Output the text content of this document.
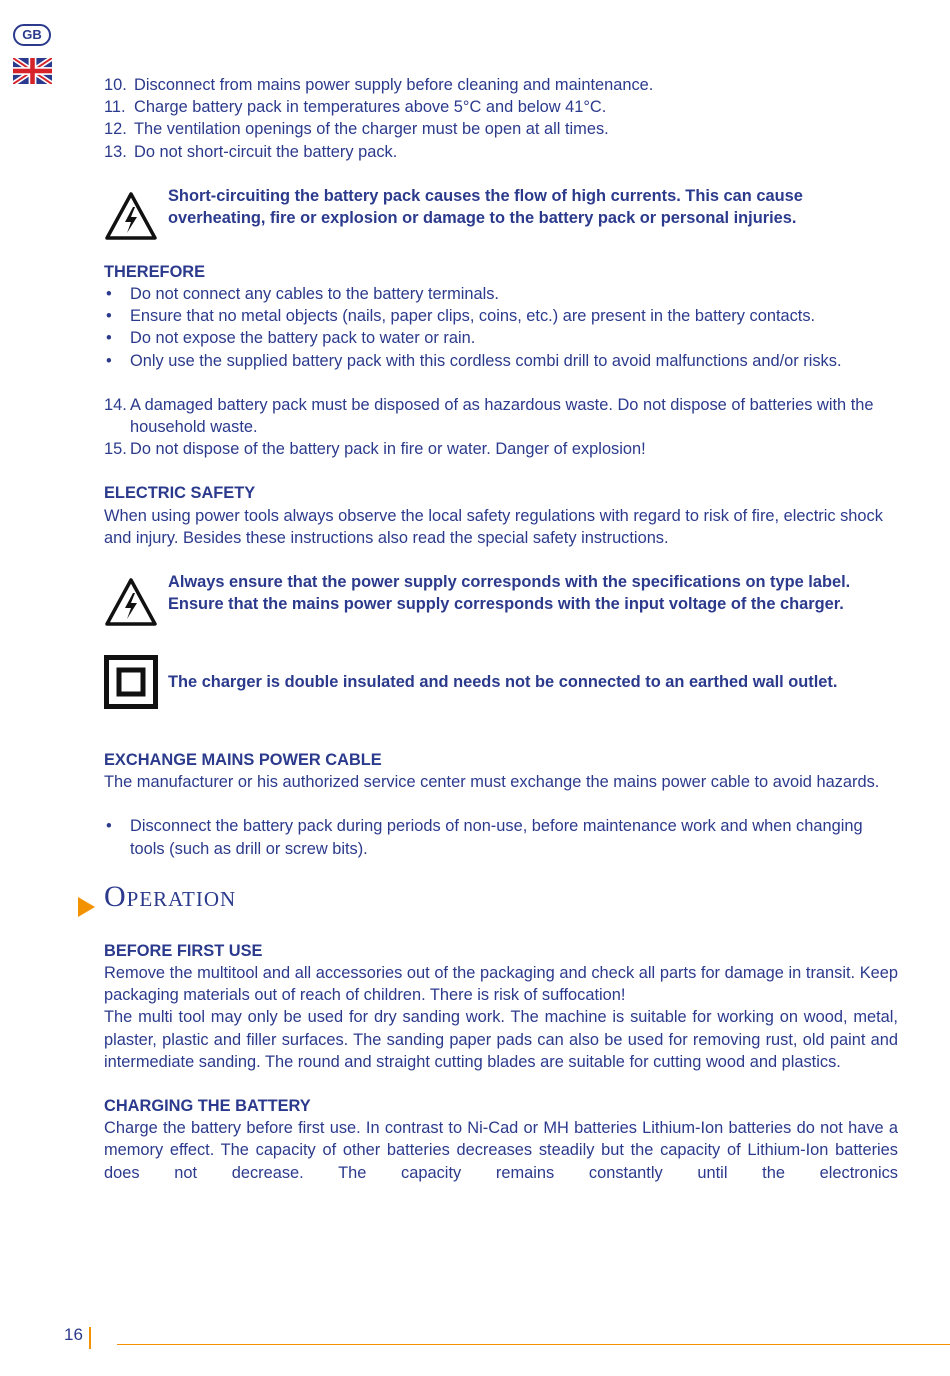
GB
10. Disconnect from mains power supply before cleaning and maintenance.
11. Charge battery pack in temperatures above 5°C and below 41°C.
12. The ventilation openings of the charger must be open at all times.
13. Do not short-circuit the battery pack.
Short-circuiting the battery pack causes the flow of high currents. This can cause
overheating, fire or explosion or damage to the battery pack or personal injuries.

THEREFORE

• Do not connect any cables to the battery terminals.
• Ensure that no metal objects (nails, paper clips, coins, etc.) are present in the battery contacts.
• Do not expose the battery pack to water or rain.
• Only use the supplied battery pack with this cordless combi drill to avoid malfunctions and/or risks.
14. A damaged battery pack must be disposed of as hazardous waste. Do not dispose of batteries with the household waste.
15. Do not dispose of the battery pack in fire or water. Danger of explosion!

ELECTRIC SAFETY

When using power tools always observe the local safety regulations with regard to risk of fire, electric shock and injury. Besides these instructions also read the special safety instructions.

Always ensure that the power supply corresponds with the specifications on type label.
Ensure that the mains power supply corresponds with the input voltage of the charger.
The charger is double insulated and needs not be connected to an earthed wall outlet.

EXCHANGE MAINS POWER CABLE

The manufacturer or his authorized service center must exchange the mains power cable to avoid hazards.

• Disconnect the battery pack during periods of non-use, before maintenance work and when changing tools (such as drill or screw bits).
Operation

BEFORE FIRST USE

Remove the multitool and all accessories out of the packaging and check all parts for damage in transit. Keep packaging materials out of reach of children. There is risk of suffocation!

The multi tool may only be used for dry sanding work. The machine is suitable for working on wood, metal, plaster, plastic and filler surfaces. The sanding paper pads can also be used for removing rust, old paint and intermediate sanding. The round and straight cutting blades are suitable for cutting wood and plastics.

CHARGING THE BATTERY

Charge the battery before first use. In contrast to Ni-Cad or MH batteries Lithium-Ion batteries do not have a memory effect. The capacity of other batteries decreases steadily but the capacity of Lithium-Ion batteries does not decrease. The capacity remains constantly until the electronics

16
